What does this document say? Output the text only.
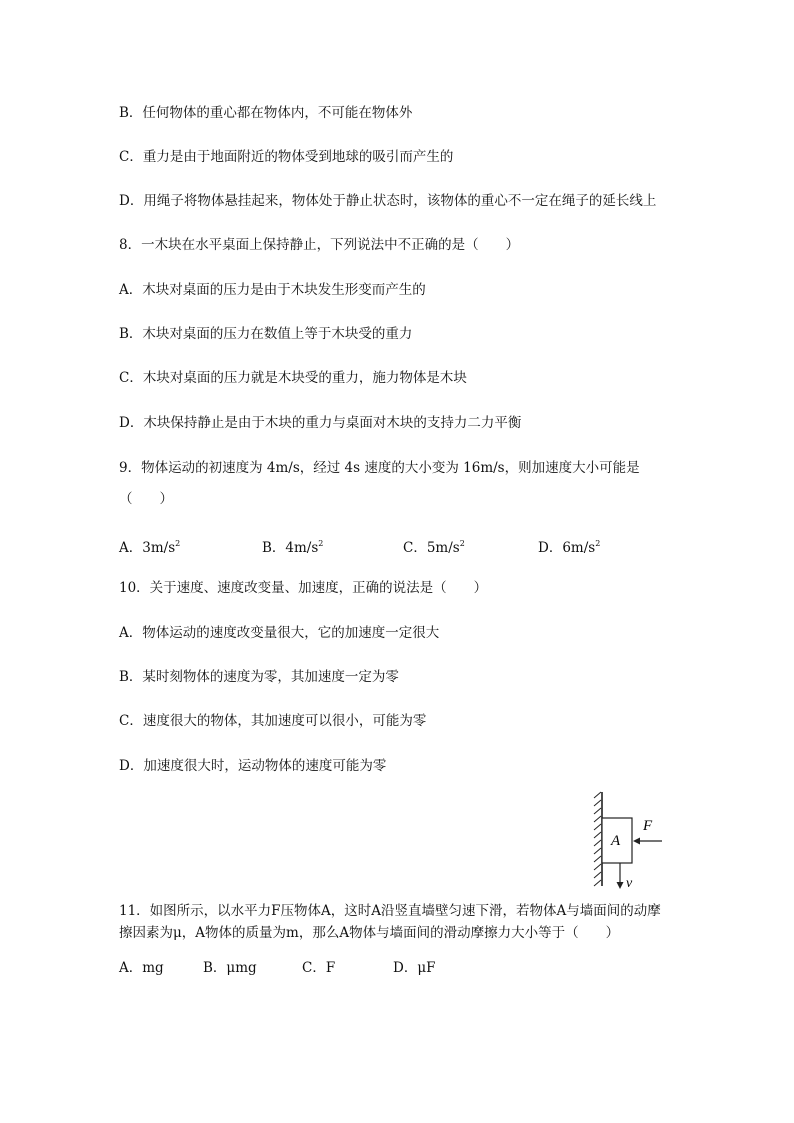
B．任何物体的重心都在物体内，不可能在物体外
C．重力是由于地面附近的物体受到地球的吸引而产生的
D．用绳子将物体悬挂起来，物体处于静止状态时，该物体的重心不一定在绳子的延长线上
8．一木块在水平桌面上保持静止，下列说法中不正确的是（　　）
A．木块对桌面的压力是由于木块发生形变而产生的
B．木块对桌面的压力在数值上等于木块受的重力
C．木块对桌面的压力就是木块受的重力，施力物体是木块
D．木块保持静止是由于木块的重力与桌面对木块的支持力二力平衡
9．物体运动的初速度为 4m/s，经过 4s 速度的大小变为 16m/s，则加速度大小可能是
（　　）
A．$3m/s^2$	B．$4m/s^2$	C．$5m/s^2$	D．$6m/s^2$
10．关于速度、速度改变量、加速度，正确的说法是（　　）
A．物体运动的速度改变量很大，它的加速度一定很大
B．某时刻物体的速度为零，其加速度一定为零
C．速度很大的物体，其加速度可以很小，可能为零
D．加速度很大时，运动物体的速度可能为零
A
F
v
11．如图所示，以水平力F压物体A，这时A沿竖直墙壁匀速下滑，若物体A与墙面间的动摩
擦因素为μ，A物体的质量为m，那么A物体与墙面间的滑动摩擦力大小等于（　　）
A．mg	B．μmg	C．F	D．μF
